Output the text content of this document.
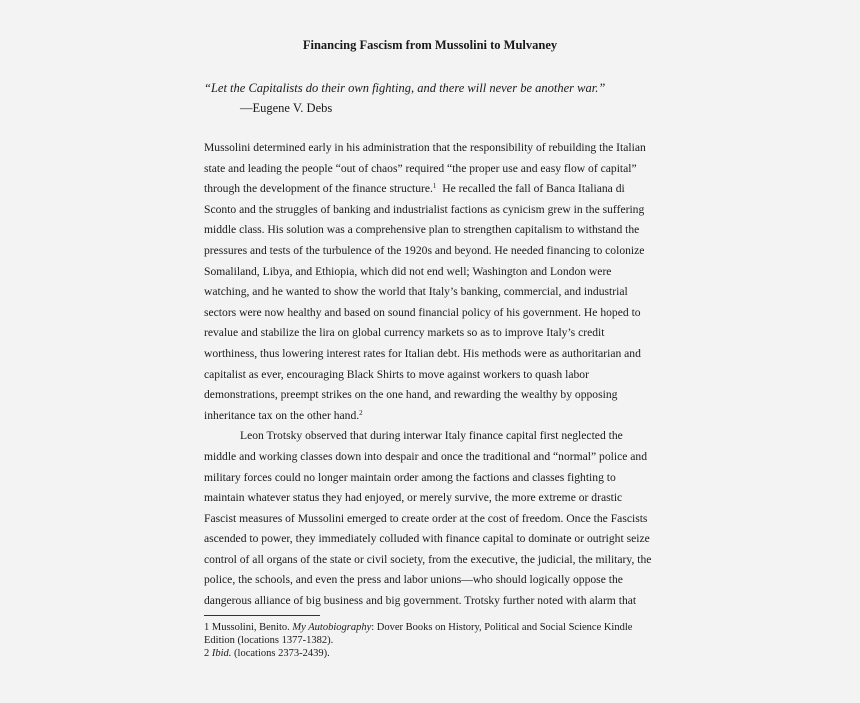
Financing Fascism from Mussolini to Mulvaney
“Let the Capitalists do their own fighting, and there will never be another war.”
—Eugene V. Debs
Mussolini determined early in his administration that the responsibility of rebuilding the Italian
state and leading the people “out of chaos” required “the proper use and easy flow of capital”
through the development of the finance structure.$^1$ He recalled the fall of Banca Italiana di
Sconto and the struggles of banking and industrialist factions as cynicism grew in the suffering
middle class. His solution was a comprehensive plan to strengthen capitalism to withstand the
pressures and tests of the turbulence of the 1920s and beyond. He needed financing to colonize
Somaliland, Libya, and Ethiopia, which did not end well; Washington and London were
watching, and he wanted to show the world that Italy’s banking, commercial, and industrial
sectors were now healthy and based on sound financial policy of his government. He hoped to
revalue and stabilize the lira on global currency markets so as to improve Italy’s credit
worthiness, thus lowering interest rates for Italian debt. His methods were as authoritarian and
capitalist as ever, encouraging Black Shirts to move against workers to quash labor
demonstrations, preempt strikes on the one hand, and rewarding the wealthy by opposing
inheritance tax on the other hand.$^2$
Leon Trotsky observed that during interwar Italy finance capital first neglected the
middle and working classes down into despair and once the traditional and “normal” police and
military forces could no longer maintain order among the factions and classes fighting to
maintain whatever status they had enjoyed, or merely survive, the more extreme or drastic
Fascist measures of Mussolini emerged to create order at the cost of freedom. Once the Fascists
ascended to power, they immediately colluded with finance capital to dominate or outright seize
control of all organs of the state or civil society, from the executive, the judicial, the military, the
police, the schools, and even the press and labor unions—who should logically oppose the
dangerous alliance of big business and big government. Trotsky further noted with alarm that
1 Mussolini, Benito. My Autobiography: Dover Books on History, Political and Social Science Kindle
Edition (locations 1377-1382).
2 Ibid. (locations 2373-2439).
